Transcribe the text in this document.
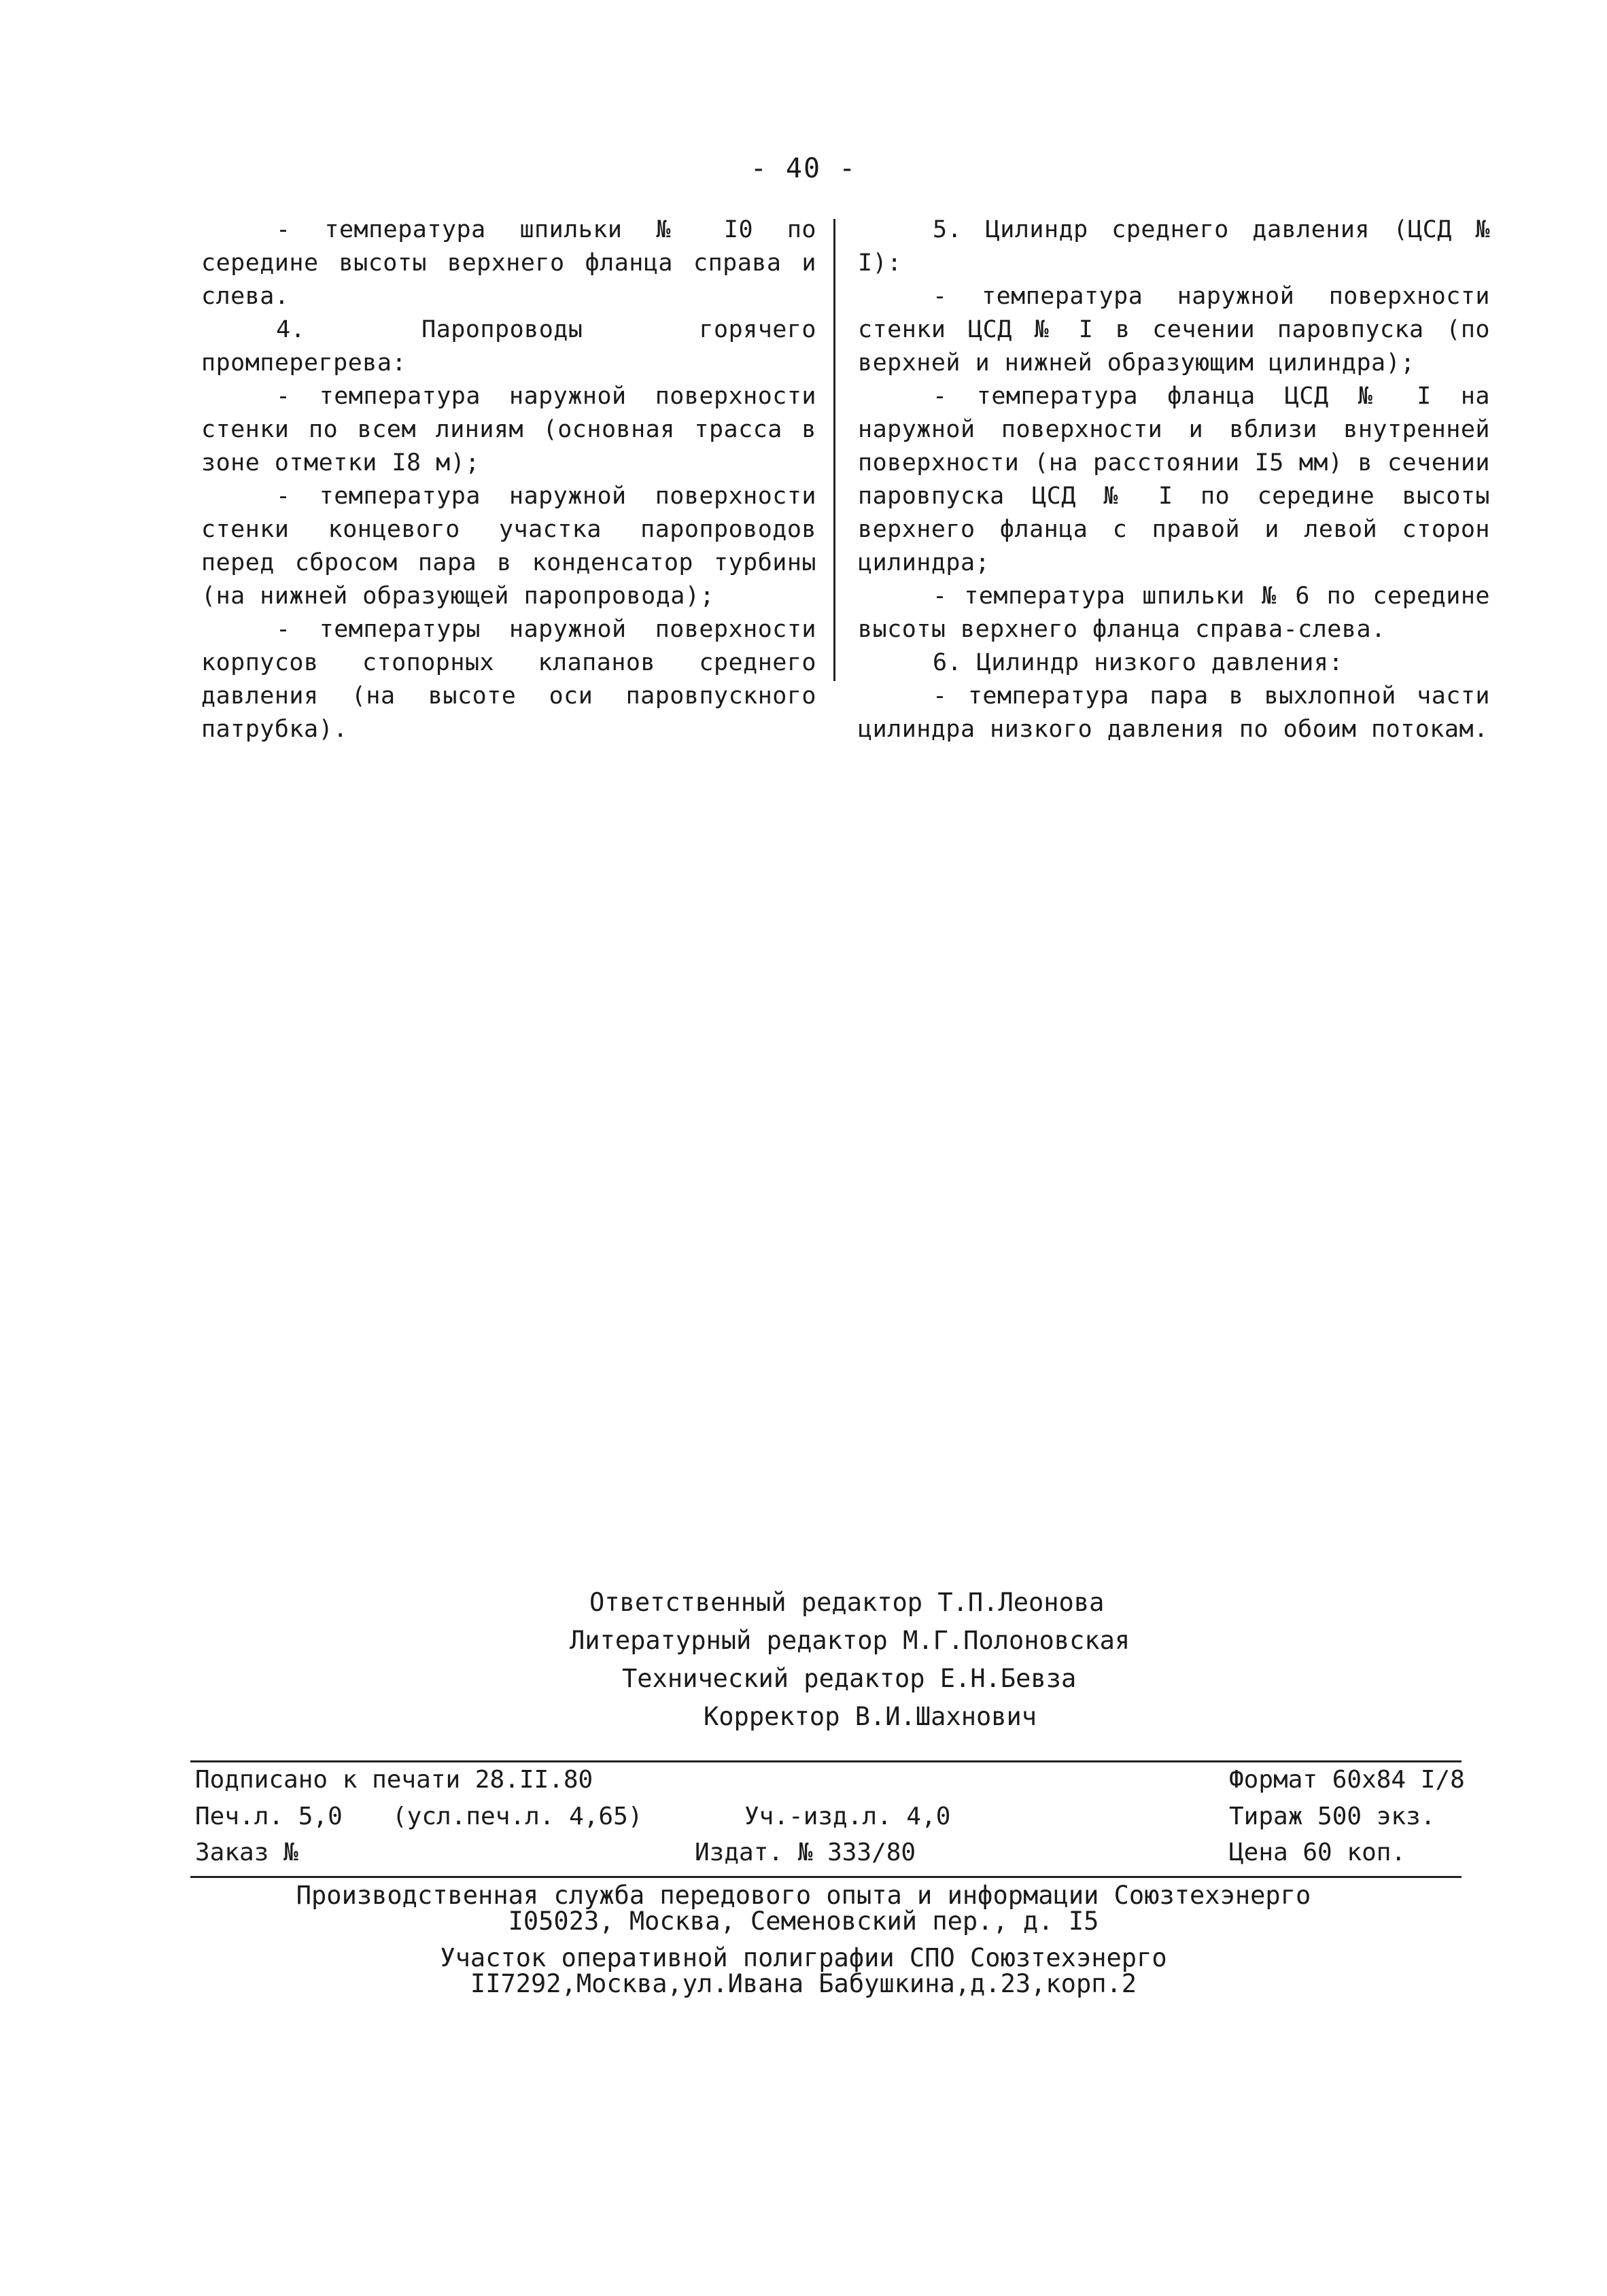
- 40 -

- температура шпильки № I0 по середине высоты верхнего фланца справа и слева.

4. Паропроводы горячего промперегрева:

- температура наружной поверхности стенки по всем линиям (основная трасса в зоне отметки I8 м);

- температура наружной поверхности стенки концевого участка паропроводов перед сбросом пара в конденсатор турбины (на нижней образующей паропровода);

- температуры наружной поверхности корпусов стопорных клапанов среднего давления (на высоте оси паровпускного патрубка).

5. Цилиндр среднего давления (ЦСД № I):

- температура наружной поверхности стенки ЦСД № I в сечении паровпуска (по верхней и нижней образующим цилиндра);

- температура фланца ЦСД № I на наружной поверхности и вблизи внутренней поверхности (на расстоянии I5 мм) в сечении паровпуска ЦСД № I по середине высоты верхнего фланца с правой и левой сторон цилиндра;

- температура шпильки № 6 по середине высоты верхнего фланца справа-слева.

6. Цилиндр низкого давления:

- температура пара в выхлопной части цилиндра низкого давления по обоим потокам.

Ответственный редактор Т.П.Леонова
Литературный редактор М.Г.Полоновская
Технический редактор Е.Н.Бевза
Корректор В.И.Шахнович
Подписано к печати 28.II.80	Формат 60х84 I/8
Печ.л. 5,0 (усл.печ.л. 4,65)	Уч.-изд.л. 4,0	Тираж 500 экз.
Заказ №	Издат. № 333/80	Цена 60 коп.
Производственная служба передового опыта и информации Союзтехэнерго
I05023, Москва, Семеновский пер., д. I5
Участок оперативной полиграфии СПО Союзтехэнерго
II7292,Москва,ул.Ивана Бабушкина,д.23,корп.2
